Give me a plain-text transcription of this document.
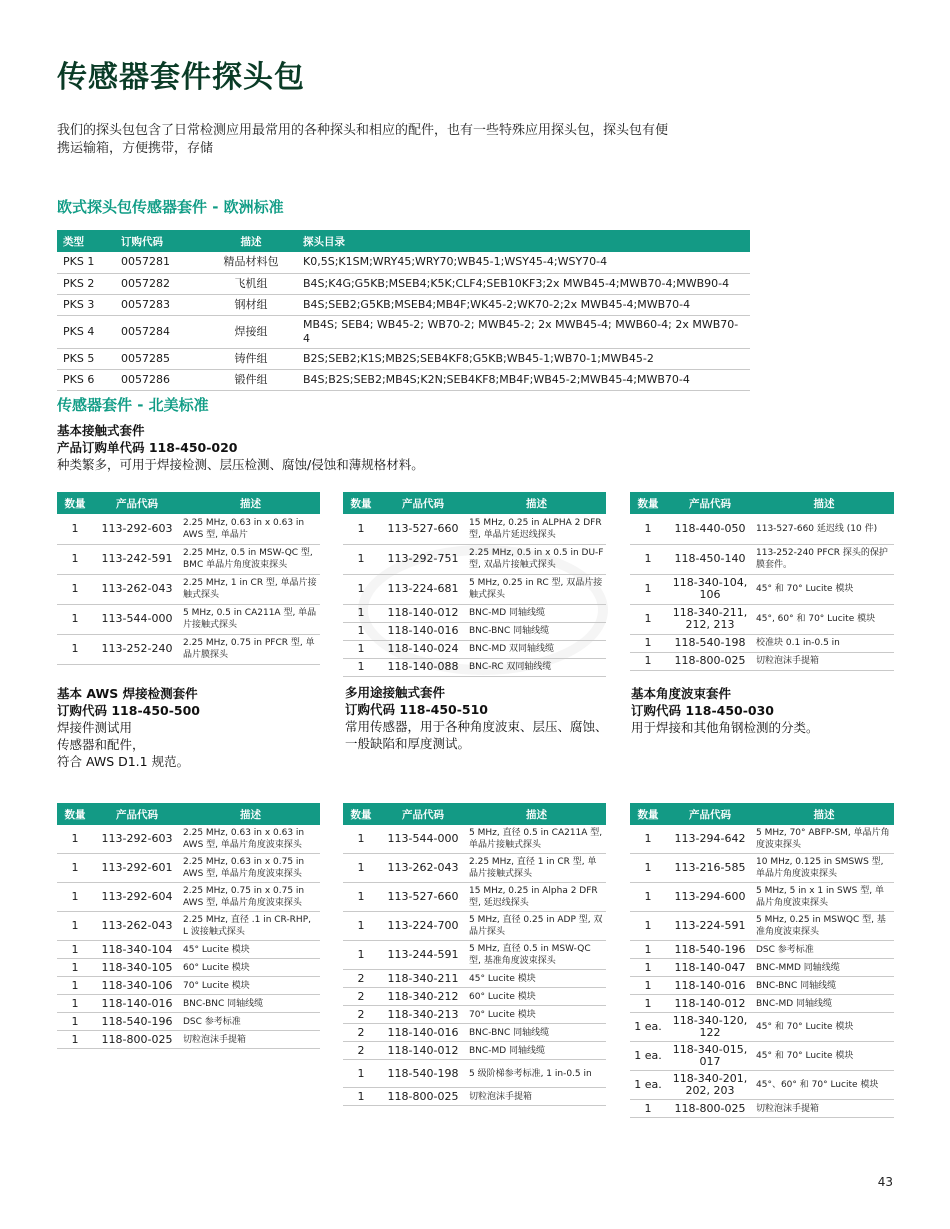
传感器套件探头包
我们的探头包包含了日常检测应用最常用的各种探头和相应的配件，也有一些特殊应用探头包，探头包有便携运输箱，方便携带，存储
欧式探头包传感器套件 - 欧洲标准
类型	订购代码	描述	探头目录
PKS 1	0057281	精品材料包	K0,5S;K1SM;WRY45;WRY70;WB45-1;WSY45-4;WSY70-4
PKS 2	0057282	飞机组	B4S;K4G;G5KB;MSEB4;K5K;CLF4;SEB10KF3;2x MWB45-4;MWB70-4;MWB90-4
PKS 3	0057283	钢材组	B4S;SEB2;G5KB;MSEB4;MB4F;WK45-2;WK70-2;2x MWB45-4;MWB70-4
PKS 4	0057284	焊接组	MB4S; SEB4; WB45-2; WB70-2; MWB45-2; 2x MWB45-4; MWB60-4; 2x MWB70-4
PKS 5	0057285	铸件组	B2S;SEB2;K1S;MB2S;SEB4KF8;G5KB;WB45-1;WB70-1;MWB45-2
PKS 6	0057286	锻件组	B4S;B2S;SEB2;MB4S;K2N;SEB4KF8;MB4F;WB45-2;MWB45-4;MWB70-4
传感器套件 - 北美标准
基本接触式套件
产品订购单代码 118-450-020
种类繁多，可用于焊接检测、层压检测、腐蚀/侵蚀和薄规格材料。
数量	产品代码	描述
1	113-292-603	2.25 MHz, 0.63 in x 0.63 in AWS 型, 单晶片
1	113-242-591	2.25 MHz, 0.5 in MSW-QC 型, BMC 单晶片角度波束探头
1	113-262-043	2.25 MHz, 1 in CR 型, 单晶片接触式探头
1	113-544-000	5 MHz, 0.5 in CA211A 型, 单晶片接触式探头
1	113-252-240	2.25 MHz, 0.75 in PFCR 型, 单晶片膜探头
数量	产品代码	描述
1	113-527-660	15 MHz, 0.25 in ALPHA 2 DFR 型, 单晶片延迟线探头
1	113-292-751	2.25 MHz, 0.5 in x 0.5 in DU-F 型, 双晶片接触式探头
1	113-224-681	5 MHz, 0.25 in RC 型, 双晶片接触式探头
1	118-140-012	BNC-MD 同轴线缆
1	118-140-016	BNC-BNC 同轴线缆
1	118-140-024	BNC-MD 双同轴线缆
1	118-140-088	BNC-RC 双同轴线缆
数量	产品代码	描述
1	118-440-050	113-527-660 延迟线 (10 件)
1	118-450-140	113-252-240 PFCR 探头的保护膜套件。
1	118-340-104, 106	45° 和 70° Lucite 模块
1	118-340-211, 212, 213	45°, 60° 和 70° Lucite 模块
1	118-540-198	校准块 0.1 in-0.5 in
1	118-800-025	切粒泡沫手提箱
基本 AWS 焊接检测套件
订购代码 118-450-500
焊接件测试用
传感器和配件，
符合 AWS D1.1 规范。
多用途接触式套件
订购代码 118-450-510
常用传感器，用于各种角度波束、层压、腐蚀、
一般缺陷和厚度测试。
基本角度波束套件
订购代码 118-450-030
用于焊接和其他角钢检测的分类。
数量	产品代码	描述
1	113-292-603	2.25 MHz, 0.63 in x 0.63 in AWS 型, 单晶片角度波束探头
1	113-292-601	2.25 MHz, 0.63 in x 0.75 in AWS 型, 单晶片角度波束探头
1	113-292-604	2.25 MHz, 0.75 in x 0.75 in AWS 型, 单晶片角度波束探头
1	113-262-043	2.25 MHz, 直径 .1 in CR-RHP, L 波接触式探头
1	118-340-104	45° Lucite 模块
1	118-340-105	60° Lucite 模块
1	118-340-106	70° Lucite 模块
1	118-140-016	BNC-BNC 同轴线缆
1	118-540-196	DSC 参考标准
1	118-800-025	切粒泡沫手提箱
数量	产品代码	描述
1	113-544-000	5 MHz, 直径 0.5 in CA211A 型, 单晶片接触式探头
1	113-262-043	2.25 MHz, 直径 1 in CR 型, 单晶片接触式探头
1	113-527-660	15 MHz, 0.25 in Alpha 2 DFR 型, 延迟线探头
1	113-224-700	5 MHz, 直径 0.25 in ADP 型, 双晶片探头
1	113-244-591	5 MHz, 直径 0.5 in MSW-QC 型, 基准角度波束探头
2	118-340-211	45° Lucite 模块
2	118-340-212	60° Lucite 模块
2	118-340-213	70° Lucite 模块
2	118-140-016	BNC-BNC 同轴线缆
2	118-140-012	BNC-MD 同轴线缆
1	118-540-198	5 级阶梯参考标准, 1 in-0.5 in
1	118-800-025	切粒泡沫手提箱
数量	产品代码	描述
1	113-294-642	5 MHz, 70° ABFP-SM, 单晶片角度波束探头
1	113-216-585	10 MHz, 0.125 in SMSWS 型, 单晶片角度波束探头
1	113-294-600	5 MHz, 5 in x 1 in SWS 型, 单晶片角度波束探头
1	113-224-591	5 MHz, 0.25 in MSWQC 型, 基准角度波束探头
1	118-540-196	DSC 参考标准
1	118-140-047	BNC-MMD 同轴线缆
1	118-140-016	BNC-BNC 同轴线缆
1	118-140-012	BNC-MD 同轴线缆
1 ea.	118-340-120, 122	45° 和 70° Lucite 模块
1 ea.	118-340-015, 017	45° 和 70° Lucite 模块
1 ea.	118-340-201, 202, 203	45°、60° 和 70° Lucite 模块
1	118-800-025	切粒泡沫手提箱
43
